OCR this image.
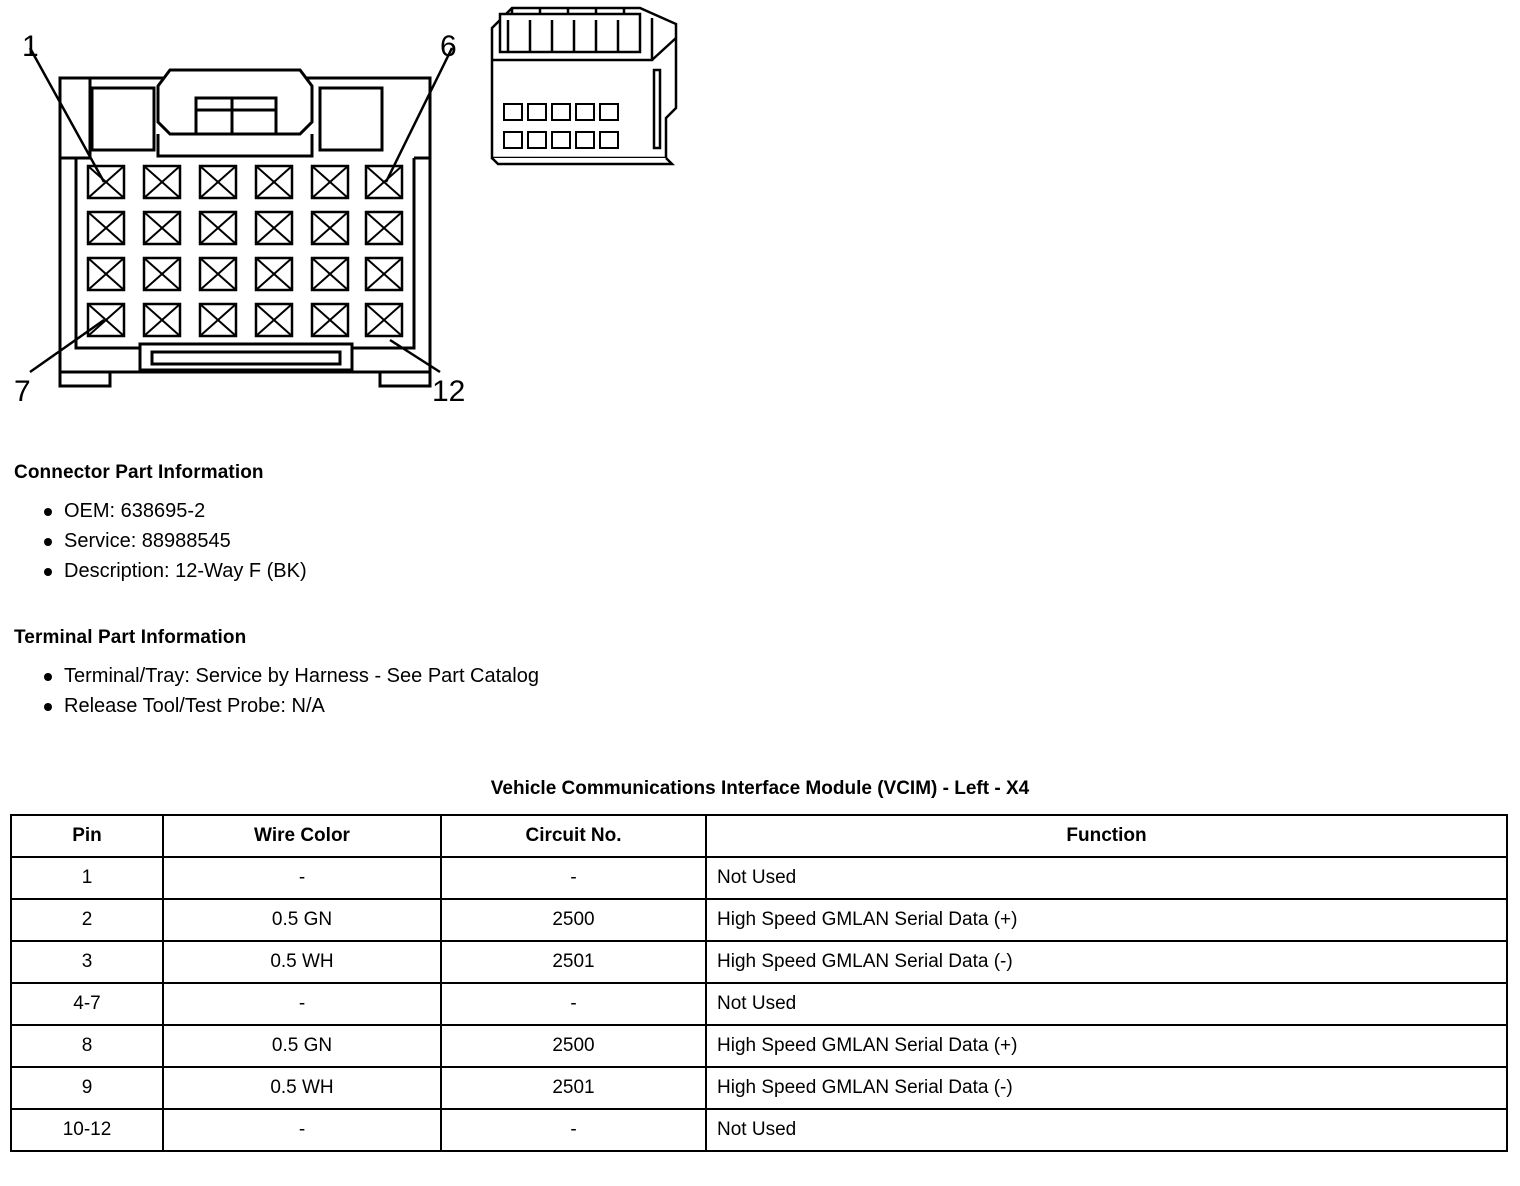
1	6
7	12
Connector Part Information
OEM: 638695-2
Service: 88988545
Description: 12-Way F (BK)
Terminal Part Information
Terminal/Tray: Service by Harness - See Part Catalog
Release Tool/Test Probe: N/A
Vehicle Communications Interface Module (VCIM) - Left - X4
Pin	Wire Color	Circuit No.	Function
1	-	-	Not Used
2	0.5 GN	2500	High Speed GMLAN Serial Data (+)
3	0.5 WH	2501	High Speed GMLAN Serial Data (-)
4-7	-	-	Not Used
8	0.5 GN	2500	High Speed GMLAN Serial Data (+)
9	0.5 WH	2501	High Speed GMLAN Serial Data (-)
10-12	-	-	Not Used
